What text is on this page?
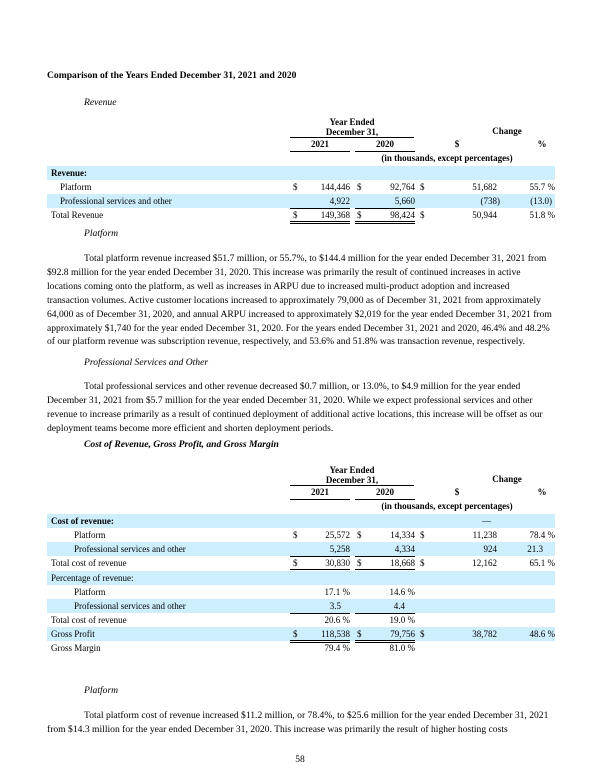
Comparison of the Years Ended December 31, 2021 and 2020
Revenue
Year Ended
December 31,	Change
2021	2020	$	%
(in thousands, except percentages)
Revenue:
Platform	$	144,446 $	92,764 $	51,682	55.7 %
Professional services and other	4,922	5,660	(738)	(13.0)
Total Revenue	$	149,368 $	98,424 $	50,944	51.8 %
Platform
Total platform revenue increased $51.7 million, or 55.7%, to $144.4 million for the year ended December 31, 2021 from $92.8 million for the year ended December 31, 2020. This increase was primarily the result of continued increases in active locations coming onto the platform, as well as increases in ARPU due to increased multi-product adoption and increased transaction volumes. Active customer locations increased to approximately 79,000 as of December 31, 2021 from approximately 64,000 as of December 31, 2020, and annual ARPU increased to approximately $2,019 for the year ended December 31, 2021 from approximately $1,740 for the year ended December 31, 2020. For the years ended December 31, 2021 and 2020, 46.4% and 48.2% of our platform revenue was subscription revenue, respectively, and 53.6% and 51.8% was transaction revenue, respectively.
Professional Services and Other
Total professional services and other revenue decreased $0.7 million, or 13.0%, to $4.9 million for the year ended December 31, 2021 from $5.7 million for the year ended December 31, 2020. While we expect professional services and other revenue to increase primarily as a result of continued deployment of additional active locations, this increase will be offset as our deployment teams become more efficient and shorten deployment periods.
Cost of Revenue, Gross Profit, and Gross Margin
Year Ended
December 31,	Change
2021	2020	$	%
(in thousands, except percentages)
Cost of revenue:	—
Platform	$	25,572 $	14,334 $	11,238	78.4 %
Professional services and other	5,258	4,334	924	21.3
Total cost of revenue	$	30,830 $	18,668 $	12,162	65.1 %
Percentage of revenue:
Platform	17.1 %	14.6 %
Professional services and other	3.5	4.4
Total cost of revenue	20.6 %	19.0 %
Gross Profit	$	118,538 $	79,756 $	38,782	48.6 %
Gross Margin	79.4 %	81.0 %
Platform
Total platform cost of revenue increased $11.2 million, or 78.4%, to $25.6 million for the year ended December 31, 2021 from $14.3 million for the year ended December 31, 2020. This increase was primarily the result of higher hosting costs
58
